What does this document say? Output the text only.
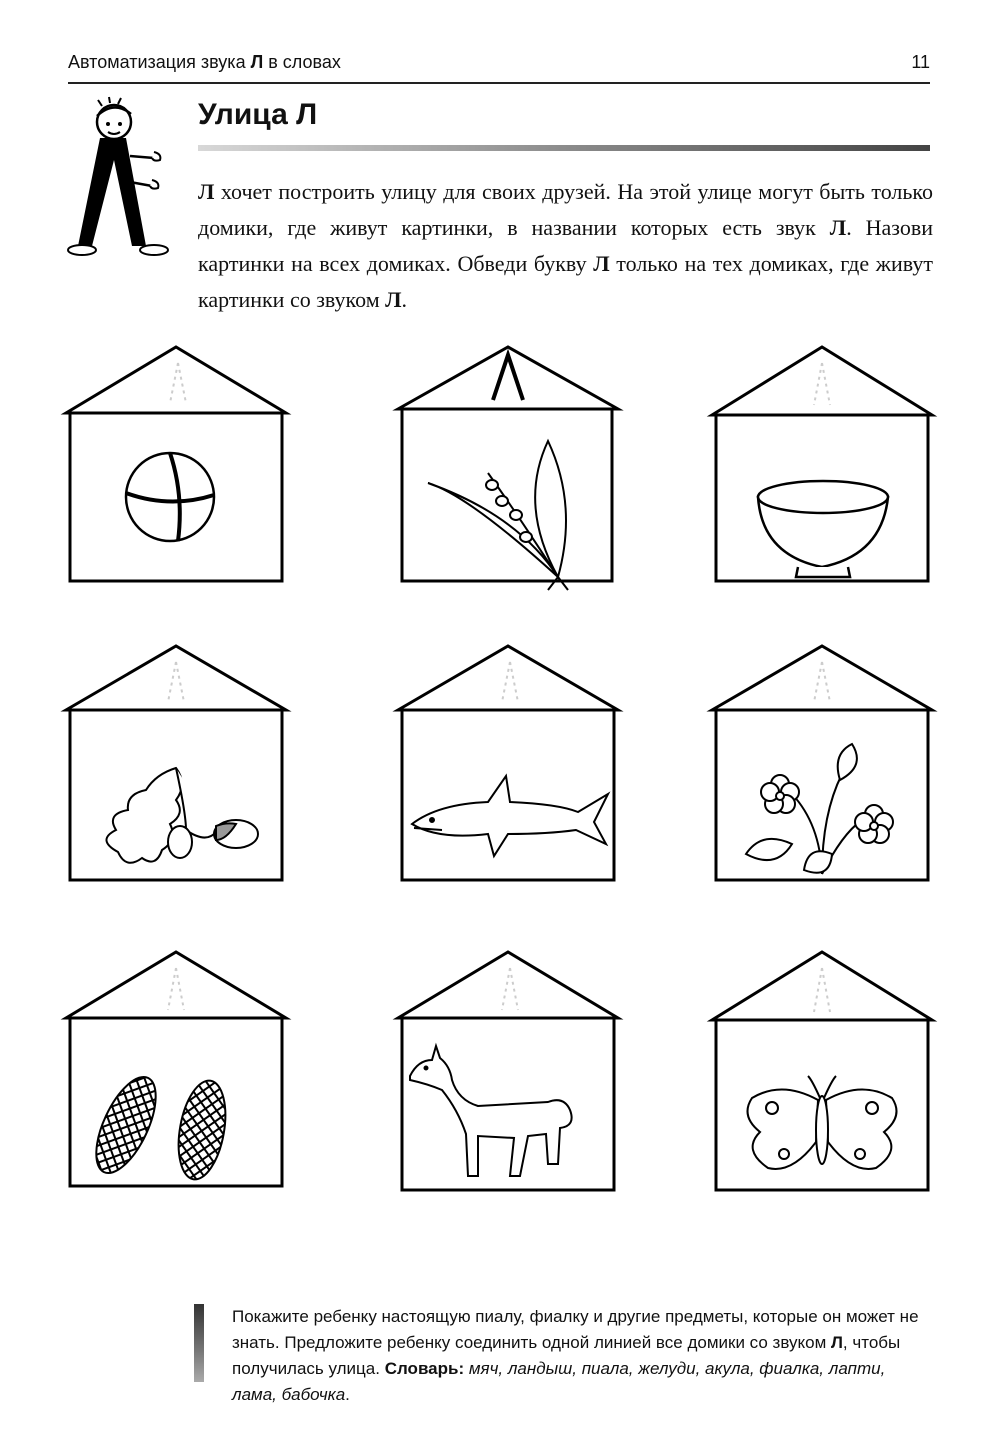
Автоматизация звука Л в словах	11
Улица Л
Л хочет построить улицу для своих друзей. На этой улице могут быть только домики, где живут картинки, в названии которых есть звук Л. Назови картинки на всех домиках. Обведи букву Л только на тех домиках, где живут картинки со звуком Л.
Покажите ребенку настоящую пиалу, фиалку и другие предметы, которые он может не знать. Предложите ребенку соединить одной линией все домики со звуком Л, чтобы получилась улица. Словарь: мяч, ландыш, пиала, желуди, акула, фиалка, лапти, лама, бабочка.
